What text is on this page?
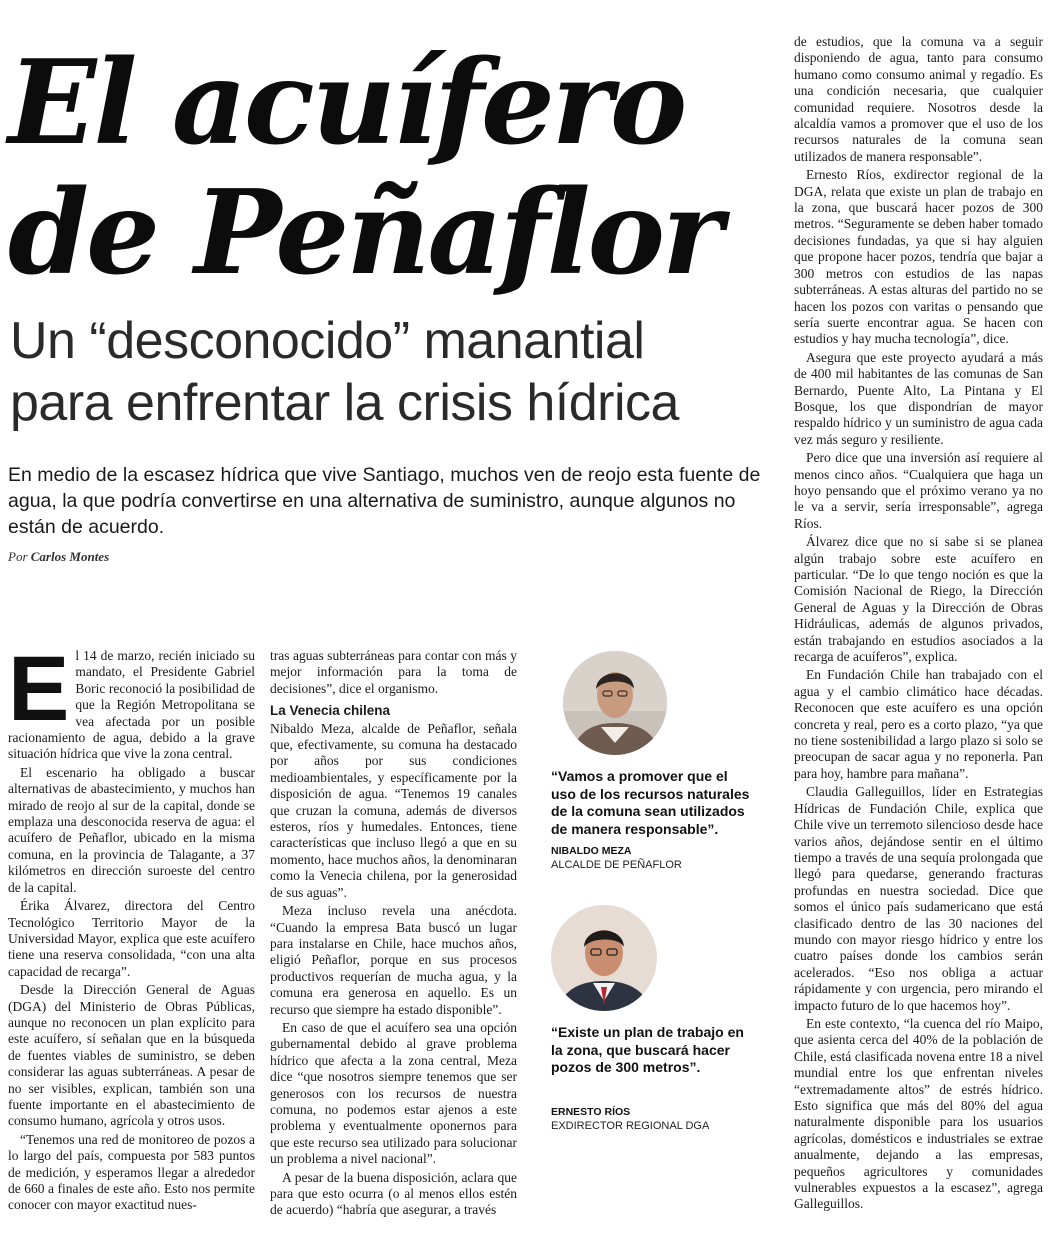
El acuífero
de Peñaflor
Un “desconocido” manantial
para enfrentar la crisis hídrica

En medio de la escasez hídrica que vive Santiago, muchos ven de reojo esta fuente de agua, la que podría convertirse en una alternativa de suministro, aunque algunos no están de acuerdo.

Por Carlos Montes

El 14 de marzo, recién iniciado su mandato, el Presidente Gabriel Boric reconoció la posibilidad de que la Región Metropolitana se vea afectada por un posible racionamiento de agua, debido a la grave situación hídrica que vive la zona central.

El escenario ha obligado a buscar alternativas de abastecimiento, y muchos han mirado de reojo al sur de la capital, donde se emplaza una desconocida reserva de agua: el acuífero de Peñaflor, ubicado en la misma comuna, en la provincia de Talagante, a 37 kilómetros en dirección suroeste del centro de la capital.

Érika Álvarez, directora del Centro Tecnológico Territorio Mayor de la Universidad Mayor, explica que este acuífero tiene una reserva consolidada, “con una alta capacidad de recarga”.

Desde la Dirección General de Aguas (DGA) del Ministerio de Obras Públicas, aunque no reconocen un plan explícito para este acuífero, sí señalan que en la búsqueda de fuentes viables de suministro, se deben considerar las aguas subterráneas. A pesar de no ser visibles, explican, también son una fuente importante en el abastecimiento de consumo humano, agrícola y otros usos.

“Tenemos una red de monitoreo de pozos a lo largo del país, compuesta por 583 puntos de medición, y esperamos llegar a alrededor de 660 a finales de este año. Esto nos permite conocer con mayor exactitud nues-

tras aguas subterráneas para contar con más y mejor información para la toma de decisiones”, dice el organismo.

La Venecia chilena

Nibaldo Meza, alcalde de Peñaflor, señala que, efectivamente, su comuna ha destacado por años por sus condiciones medioambientales, y específicamente por la disposición de agua. “Tenemos 19 canales que cruzan la comuna, además de diversos esteros, ríos y humedales. Entonces, tiene características que incluso llegó a que en su momento, hace muchos años, la denominaran como la Venecia chilena, por la generosidad de sus aguas”.

Meza incluso revela una anécdota. “Cuando la empresa Bata buscó un lugar para instalarse en Chile, hace muchos años, eligió Peñaflor, porque en sus procesos productivos requerían de mucha agua, y la comuna era generosa en aquello. Es un recurso que siempre ha estado disponible”.

En caso de que el acuífero sea una opción gubernamental debido al grave problema hídrico que afecta a la zona central, Meza dice “que nosotros siempre tenemos que ser generosos con los recursos de nuestra comuna, no podemos estar ajenos a este problema y eventualmente oponernos para que este recurso sea utilizado para solucionar un problema a nivel nacional”.

A pesar de la buena disposición, aclara que para que esto ocurra (o al menos ellos estén de acuerdo) “habría que asegurar, a través

“Vamos a promover que el uso de los recursos naturales de la comuna sean utilizados de manera responsable”.

NIBALDO MEZA

ALCALDE DE PEÑAFLOR

“Existe un plan de trabajo en la zona, que buscará hacer pozos de 300 metros”.

ERNESTO RÍOS

EXDIRECTOR REGIONAL DGA

de estudios, que la comuna va a seguir disponiendo de agua, tanto para consumo humano como consumo animal y regadío. Es una condición necesaria, que cualquier comunidad requiere. Nosotros desde la alcaldía vamos a promover que el uso de los recursos naturales de la comuna sean utilizados de manera responsable”.

Ernesto Ríos, exdirector regional de la DGA, relata que existe un plan de trabajo en la zona, que buscará hacer pozos de 300 metros. “Seguramente se deben haber tomado decisiones fundadas, ya que si hay alguien que propone hacer pozos, tendría que bajar a 300 metros con estudios de las napas subterráneas. A estas alturas del partido no se hacen los pozos con varitas o pensando que sería suerte encontrar agua. Se hacen con estudios y hay mucha tecnología”, dice.

Asegura que este proyecto ayudará a más de 400 mil habitantes de las comunas de San Bernardo, Puente Alto, La Pintana y El Bosque, los que dispondrían de mayor respaldo hídrico y un suministro de agua cada vez más seguro y resiliente.

Pero dice que una inversión así requiere al menos cinco años. “Cualquiera que haga un hoyo pensando que el próximo verano ya no le va a servir, sería irresponsable”, agrega Ríos.

Álvarez dice que no si sabe si se planea algún trabajo sobre este acuífero en particular. “De lo que tengo noción es que la Comisión Nacional de Riego, la Dirección General de Aguas y la Dirección de Obras Hidráulicas, además de algunos privados, están trabajando en estudios asociados a la recarga de acuíferos”, explica.

En Fundación Chile han trabajado con el agua y el cambio climático hace décadas. Reconocen que este acuífero es una opción concreta y real, pero es a corto plazo, “ya que no tiene sostenibilidad a largo plazo si solo se preocupan de sacar agua y no reponerla. Pan para hoy, hambre para mañana”.

Claudia Galleguillos, líder en Estrategias Hídricas de Fundación Chile, explica que Chile vive un terremoto silencioso desde hace varios años, dejándose sentir en el último tiempo a través de una sequía prolongada que llegó para quedarse, generando fracturas profundas en nuestra sociedad. Dice que somos el único país sudamericano que está clasificado dentro de las 30 naciones del mundo con mayor riesgo hídrico y entre los cuatro países donde los cambios serán acelerados. “Eso nos obliga a actuar rápidamente y con urgencia, pero mirando el impacto futuro de lo que hacemos hoy”.

En este contexto, “la cuenca del río Maipo, que asienta cerca del 40% de la población de Chile, está clasificada novena entre 18 a nivel mundial entre los que enfrentan niveles “extremadamente altos” de estrés hídrico. Esto significa que más del 80% del agua naturalmente disponible para los usuarios agrícolas, domésticos e industriales se extrae anualmente, dejando a las empresas, pequeños agricultores y comunidades vulnerables expuestos a la escasez”, agrega Galleguillos.
